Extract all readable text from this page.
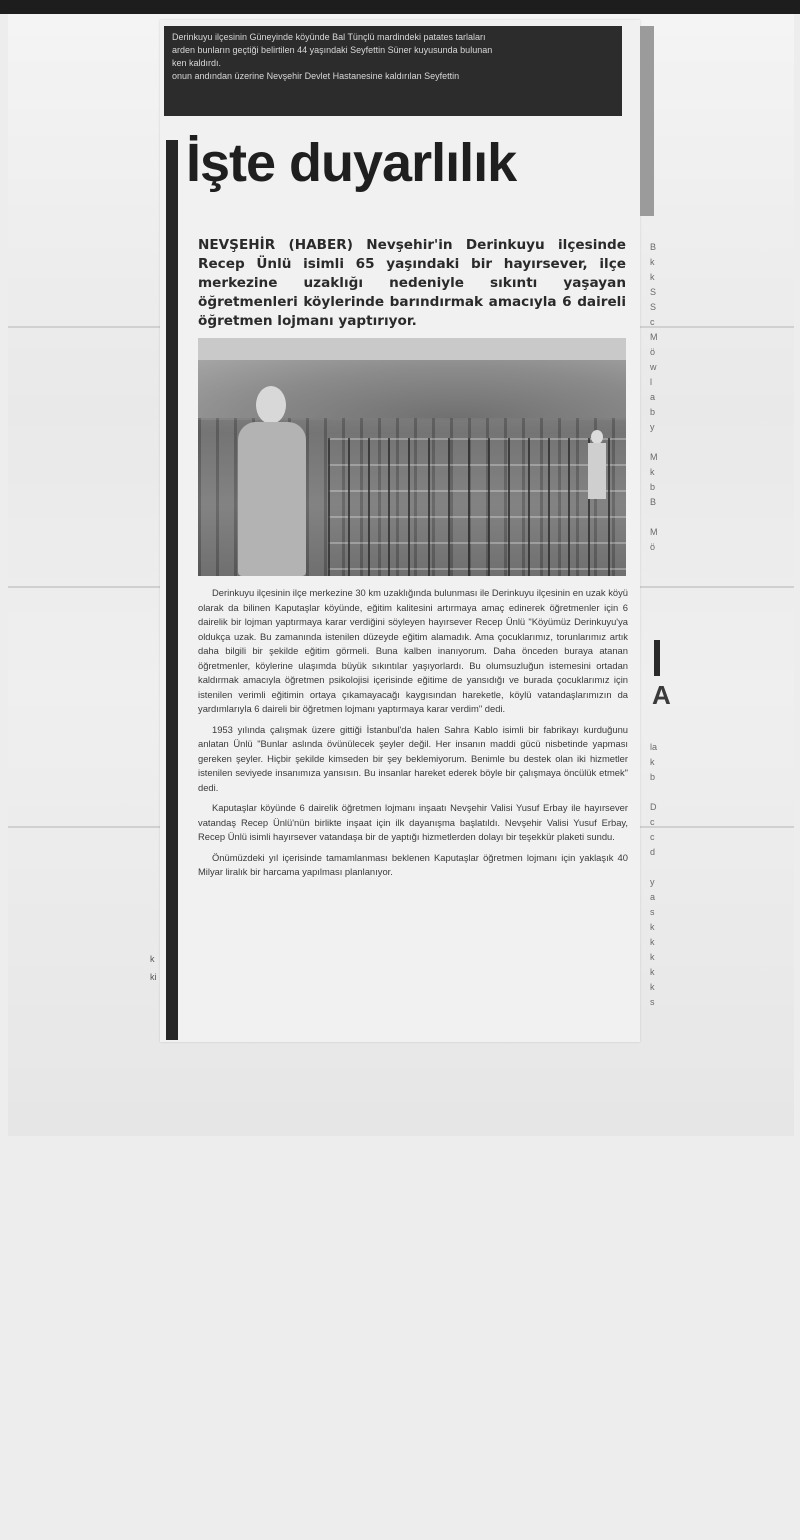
Derinkuyu ilçesinin Güneyinde köyünde Bal Tünçlü mardindeki patates tarlaları

arden bunların geçtiği belirtilen 44 yaşındaki Seyfettin Süner kuyusunda bulunan

ken kaldırdı.

onun andından üzerine Nevşehir Devlet Hastanesine kaldırılan Seyfettin

İşte duyarlılık
NEVŞEHİR (HABER) Nevşehir'in Derinkuyu ilçesinde Recep Ünlü isimli 65 yaşındaki bir hayırsever, ilçe merkezine uzaklığı nedeniyle sıkıntı yaşayan öğretmenleri köylerinde barındırmak amacıyla 6 daireli öğretmen lojmanı yaptırıyor.

Derinkuyu ilçesinin ilçe merkezine 30 km uzaklığında bulunması ile Derinkuyu ilçesinin en uzak köyü olarak da bilinen Kaputaşlar köyünde, eğitim kalitesini artırmaya amaç edinerek öğretmenler için 6 dairelik bir lojman yaptırmaya karar verdiğini söyleyen hayırsever Recep Ünlü "Köyümüz Derinkuyu'ya oldukça uzak. Bu zamanında istenilen düzeyde eğitim alamadık. Ama çocuklarımız, torunlarımız artık daha bilgili bir şekilde eğitim görmeli. Buna kalben inanıyorum. Daha önceden buraya atanan öğretmenler, köylerine ulaşımda büyük sıkıntılar yaşıyorlardı. Bu olumsuzluğun istemesini ortadan kaldırmak amacıyla öğretmen psikolojisi içerisinde eğitime de yansıdığı ve burada çocuklarımız için istenilen verimli eğitimin ortaya çıkamayacağı kaygısından hareketle, köylü vatandaşlarımızın da yardımlarıyla 6 daireli bir öğretmen lojmanı yaptırmaya karar verdim" dedi.

1953 yılında çalışmak üzere gittiği İstanbul'da halen Sahra Kablo isimli bir fabrikayı kurduğunu anlatan Ünlü "Bunlar aslında övünülecek şeyler değil. Her insanın maddi gücü nisbetinde yapması gereken şeyler. Hiçbir şekilde kimseden bir şey beklemiyorum. Benimle bu destek olan iki hizmetler istenilen seviyede insanımıza yansısın. Bu insanlar hareket ederek böyle bir çalışmaya öncülük etmek" dedi.

Kaputaşlar köyünde 6 dairelik öğretmen lojmanı inşaatı Nevşehir Valisi Yusuf Erbay ile hayırsever vatandaş Recep Ünlü'nün birlikte inşaat için ilk dayanışma başlatıldı. Nevşehir Valisi Yusuf Erbay, Recep Ünlü isimli hayırsever vatandaşa bir de yaptığı hizmetlerden dolayı bir teşekkür plaketi sundu.

Önümüzdeki yıl içerisinde tamamlanması beklenen Kaputaşlar öğretmen lojmanı için yaklaşık 40 Milyar liralık bir harcama yapılması planlanıyor.

B
k
k
S
S
c
M
ö
w
l
a
b
y

M
k
b
B

M
ö
A
la
k
b

D
c
c
d

y
a
s
k
k
k
k
k
s
k
ki
